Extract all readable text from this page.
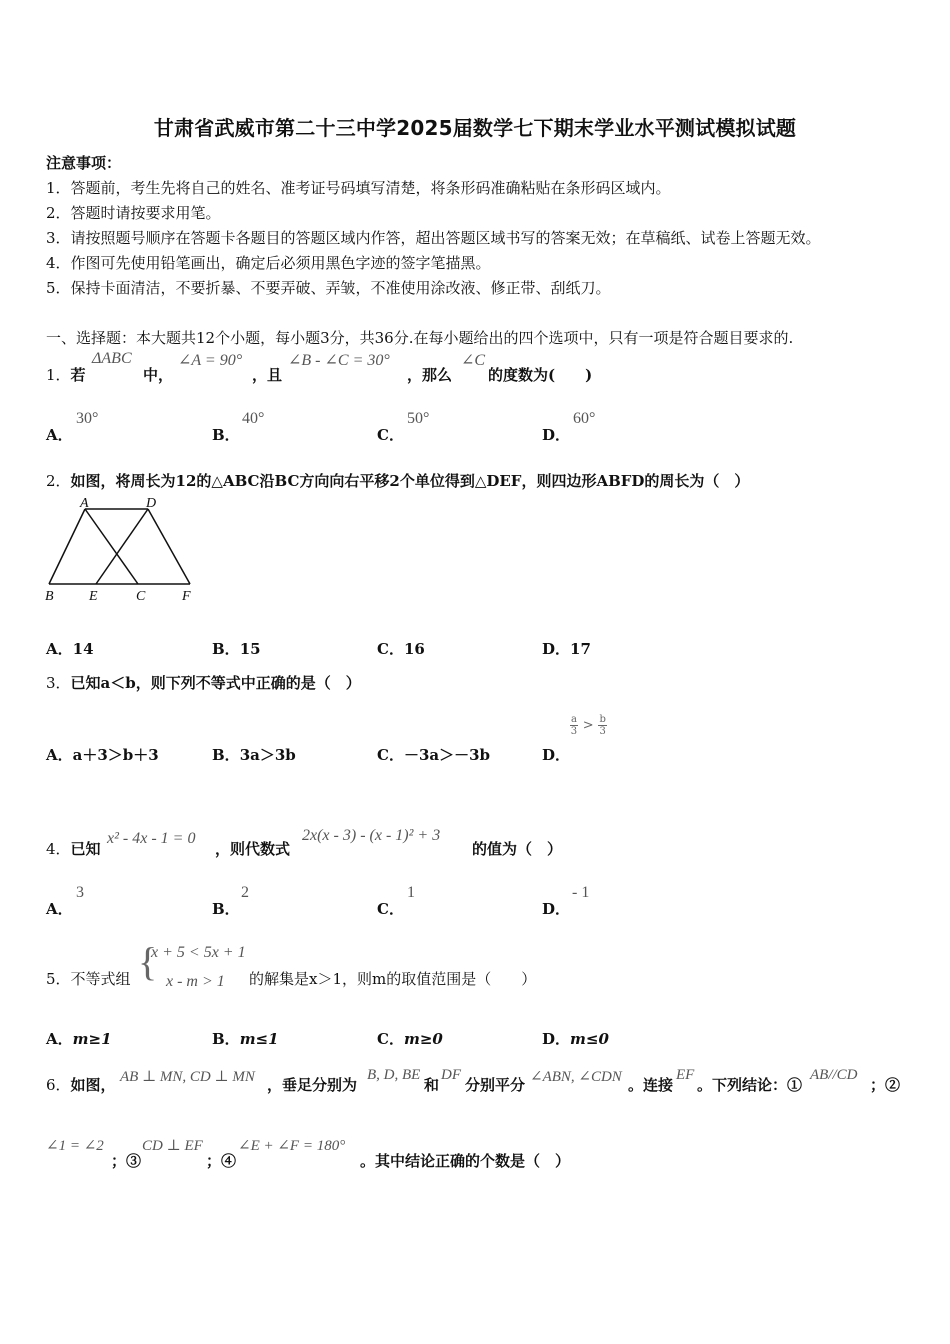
甘肃省武威市第二十三中学2025届数学七下期末学业水平测试模拟试题
注意事项：
1．答题前，考生先将自己的姓名、准考证号码填写清楚，将条形码准确粘贴在条形码区域内。
2．答题时请按要求用笔。
3．请按照题号顺序在答题卡各题目的答题区域内作答，超出答题区域书写的答案无效；在草稿纸、试卷上答题无效。
4．作图可先使用铅笔画出，确定后必须用黑色字迹的签字笔描黑。
5．保持卡面清洁，不要折暴、不要弄破、弄皱，不准使用涂改液、修正带、刮纸刀。
一、选择题：本大题共12个小题，每小题3分，共36分.在每小题给出的四个选项中，只有一项是符合题目要求的.
1．若
ΔABC
中，
∠A = 90°
，且
∠B - ∠C = 30°
，那么
∠C
的度数为(　　)
A．
30°
B．
40°
C．
50°
D．
60°
2．如图，将周长为12的△ABC沿BC方向向右平移2个单位得到△DEF，则四边形ABFD的周长为（　）
A	D
B	E	C	F
A．14	B．15	C．16	D．17
3．已知a＜b，则下列不等式中正确的是（　）
A．a＋3＞b＋3	B．3a＞3b	C．－3a＞－3b	D．
$\frac{a}{3} > \frac{b}{3}$
4．已知
x² - 4x - 1 = 0
，则代数式
2x(x - 3) - (x - 1)² + 3
的值为（　）
A．
3
B．
2
C．
1
D．
- 1
5．不等式组 {
x + 5 < 5x + 1
x - m > 1 的解集是x＞1，则m的取值范围是（　　）
A．m≥1	B．m≤1	C．m≥0	D．m≤0
6．如图， AB ⊥ MN, CD ⊥ MN ，垂足分别为
B, D, BE
和
DF
分别平分 ∠ABN, ∠CDN 。连接
EF
。下列结论：①
AB//CD
；②
∠1 = ∠2
；③
CD ⊥ EF
；④
∠E + ∠F = 180°
。其中结论正确的个数是（　）
